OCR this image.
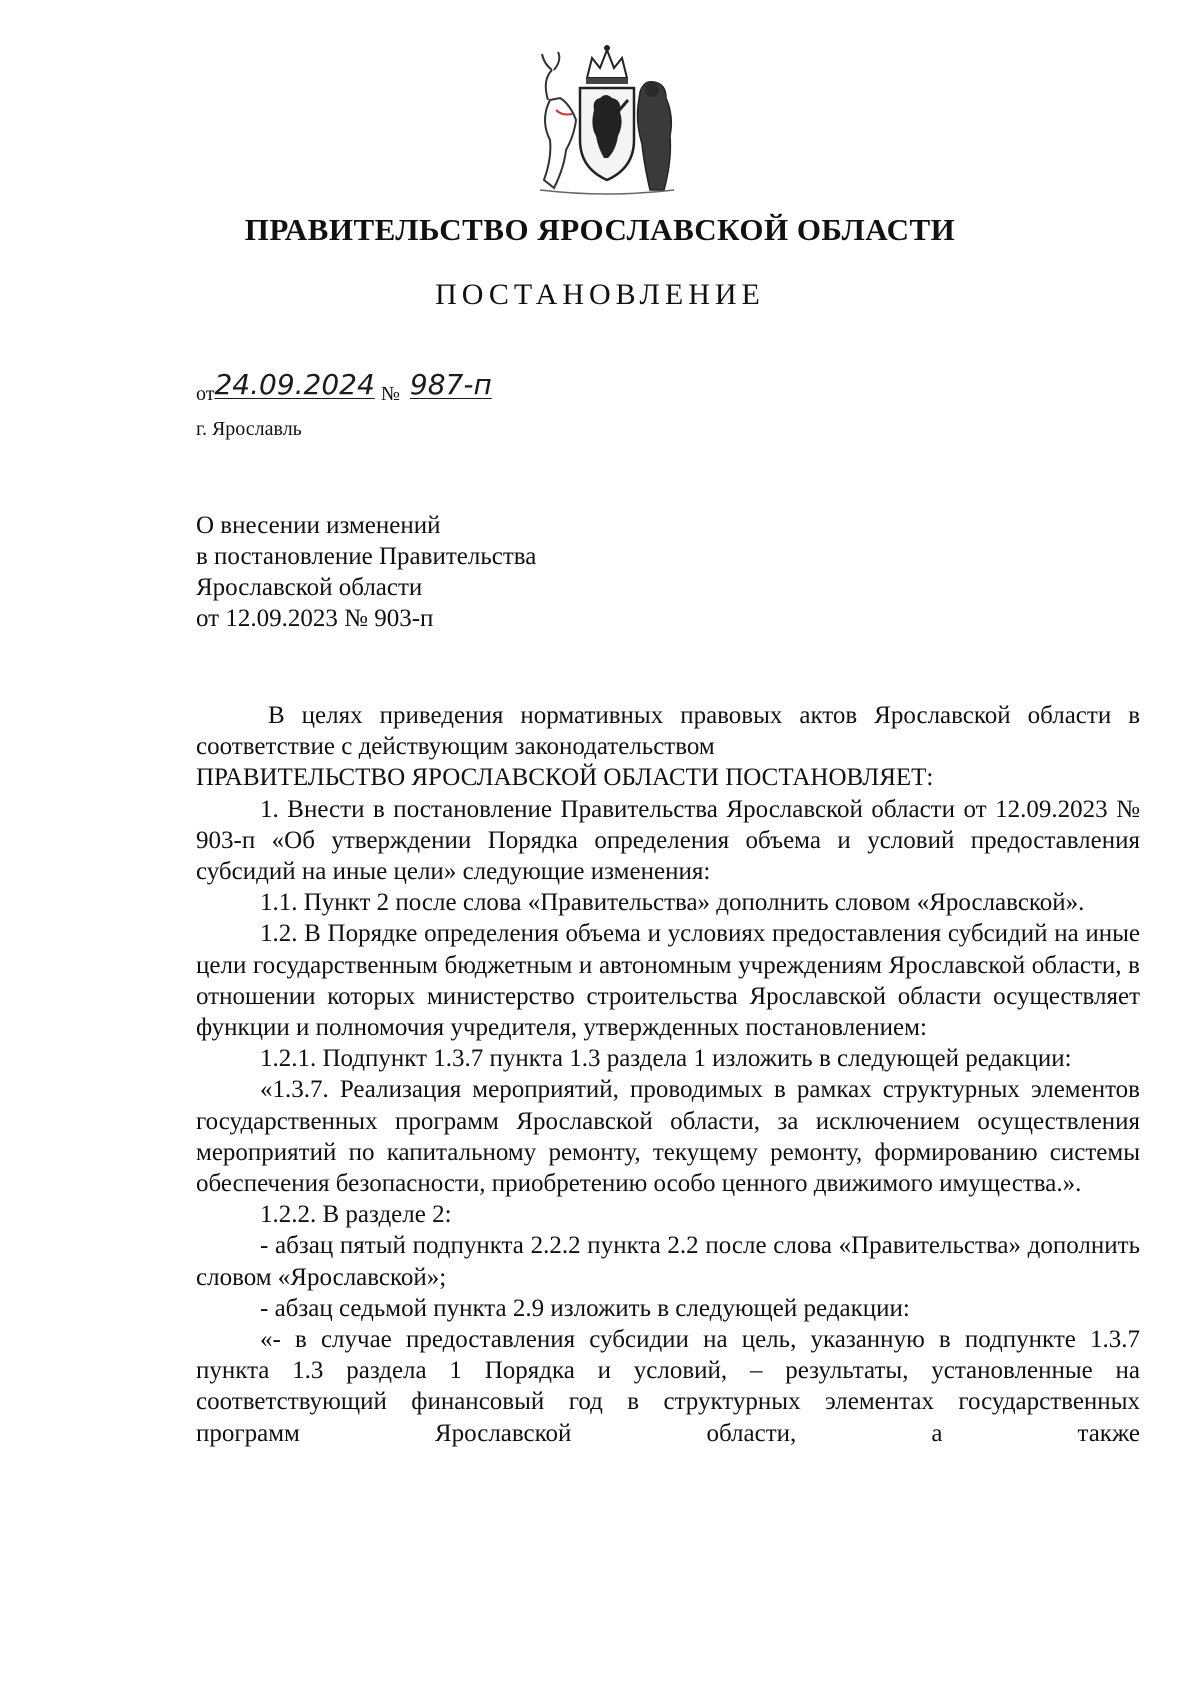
ПРАВИТЕЛЬСТВО ЯРОСЛАВСКОЙ ОБЛАСТИ
ПОСТАНОВЛЕНИЕ
от24.09.2024 № 987-п
г. Ярославль
О внесении изменений
в постановление Правительства
Ярославской области
от 12.09.2023 № 903-п

В целях приведения нормативных правовых актов Ярославской области в соответствие с действующим законодательством

ПРАВИТЕЛЬСТВО ЯРОСЛАВСКОЙ ОБЛАСТИ ПОСТАНОВЛЯЕТ:

1. Внести в постановление Правительства Ярославской области от 12.09.2023 № 903-п «Об утверждении Порядка определения объема и условий предоставления субсидий на иные цели» следующие изменения:

1.1. Пункт 2 после слова «Правительства» дополнить словом «Ярославской».

1.2. В Порядке определения объема и условиях предоставления субсидий на иные цели государственным бюджетным и автономным учреждениям Ярославской области, в отношении которых министерство строительства Ярославской области осуществляет функции и полномочия учредителя, утвержденных постановлением:

1.2.1. Подпункт 1.3.7 пункта 1.3 раздела 1 изложить в следующей редакции:

«1.3.7. Реализация мероприятий, проводимых в рамках структурных элементов государственных программ Ярославской области, за исключением осуществления мероприятий по капитальному ремонту, текущему ремонту, формированию системы обеспечения безопасности, приобретению особо ценного движимого имущества.».

1.2.2. В разделе 2:

- абзац пятый подпункта 2.2.2 пункта 2.2 после слова «Правительства» дополнить словом «Ярославской»;

- абзац седьмой пункта 2.9 изложить в следующей редакции:

«- в случае предоставления субсидии на цель, указанную в подпункте 1.3.7 пункта 1.3 раздела 1 Порядка и условий, – результаты, установленные на соответствующий финансовый год в структурных элементах государственных программ Ярославской области, а также
